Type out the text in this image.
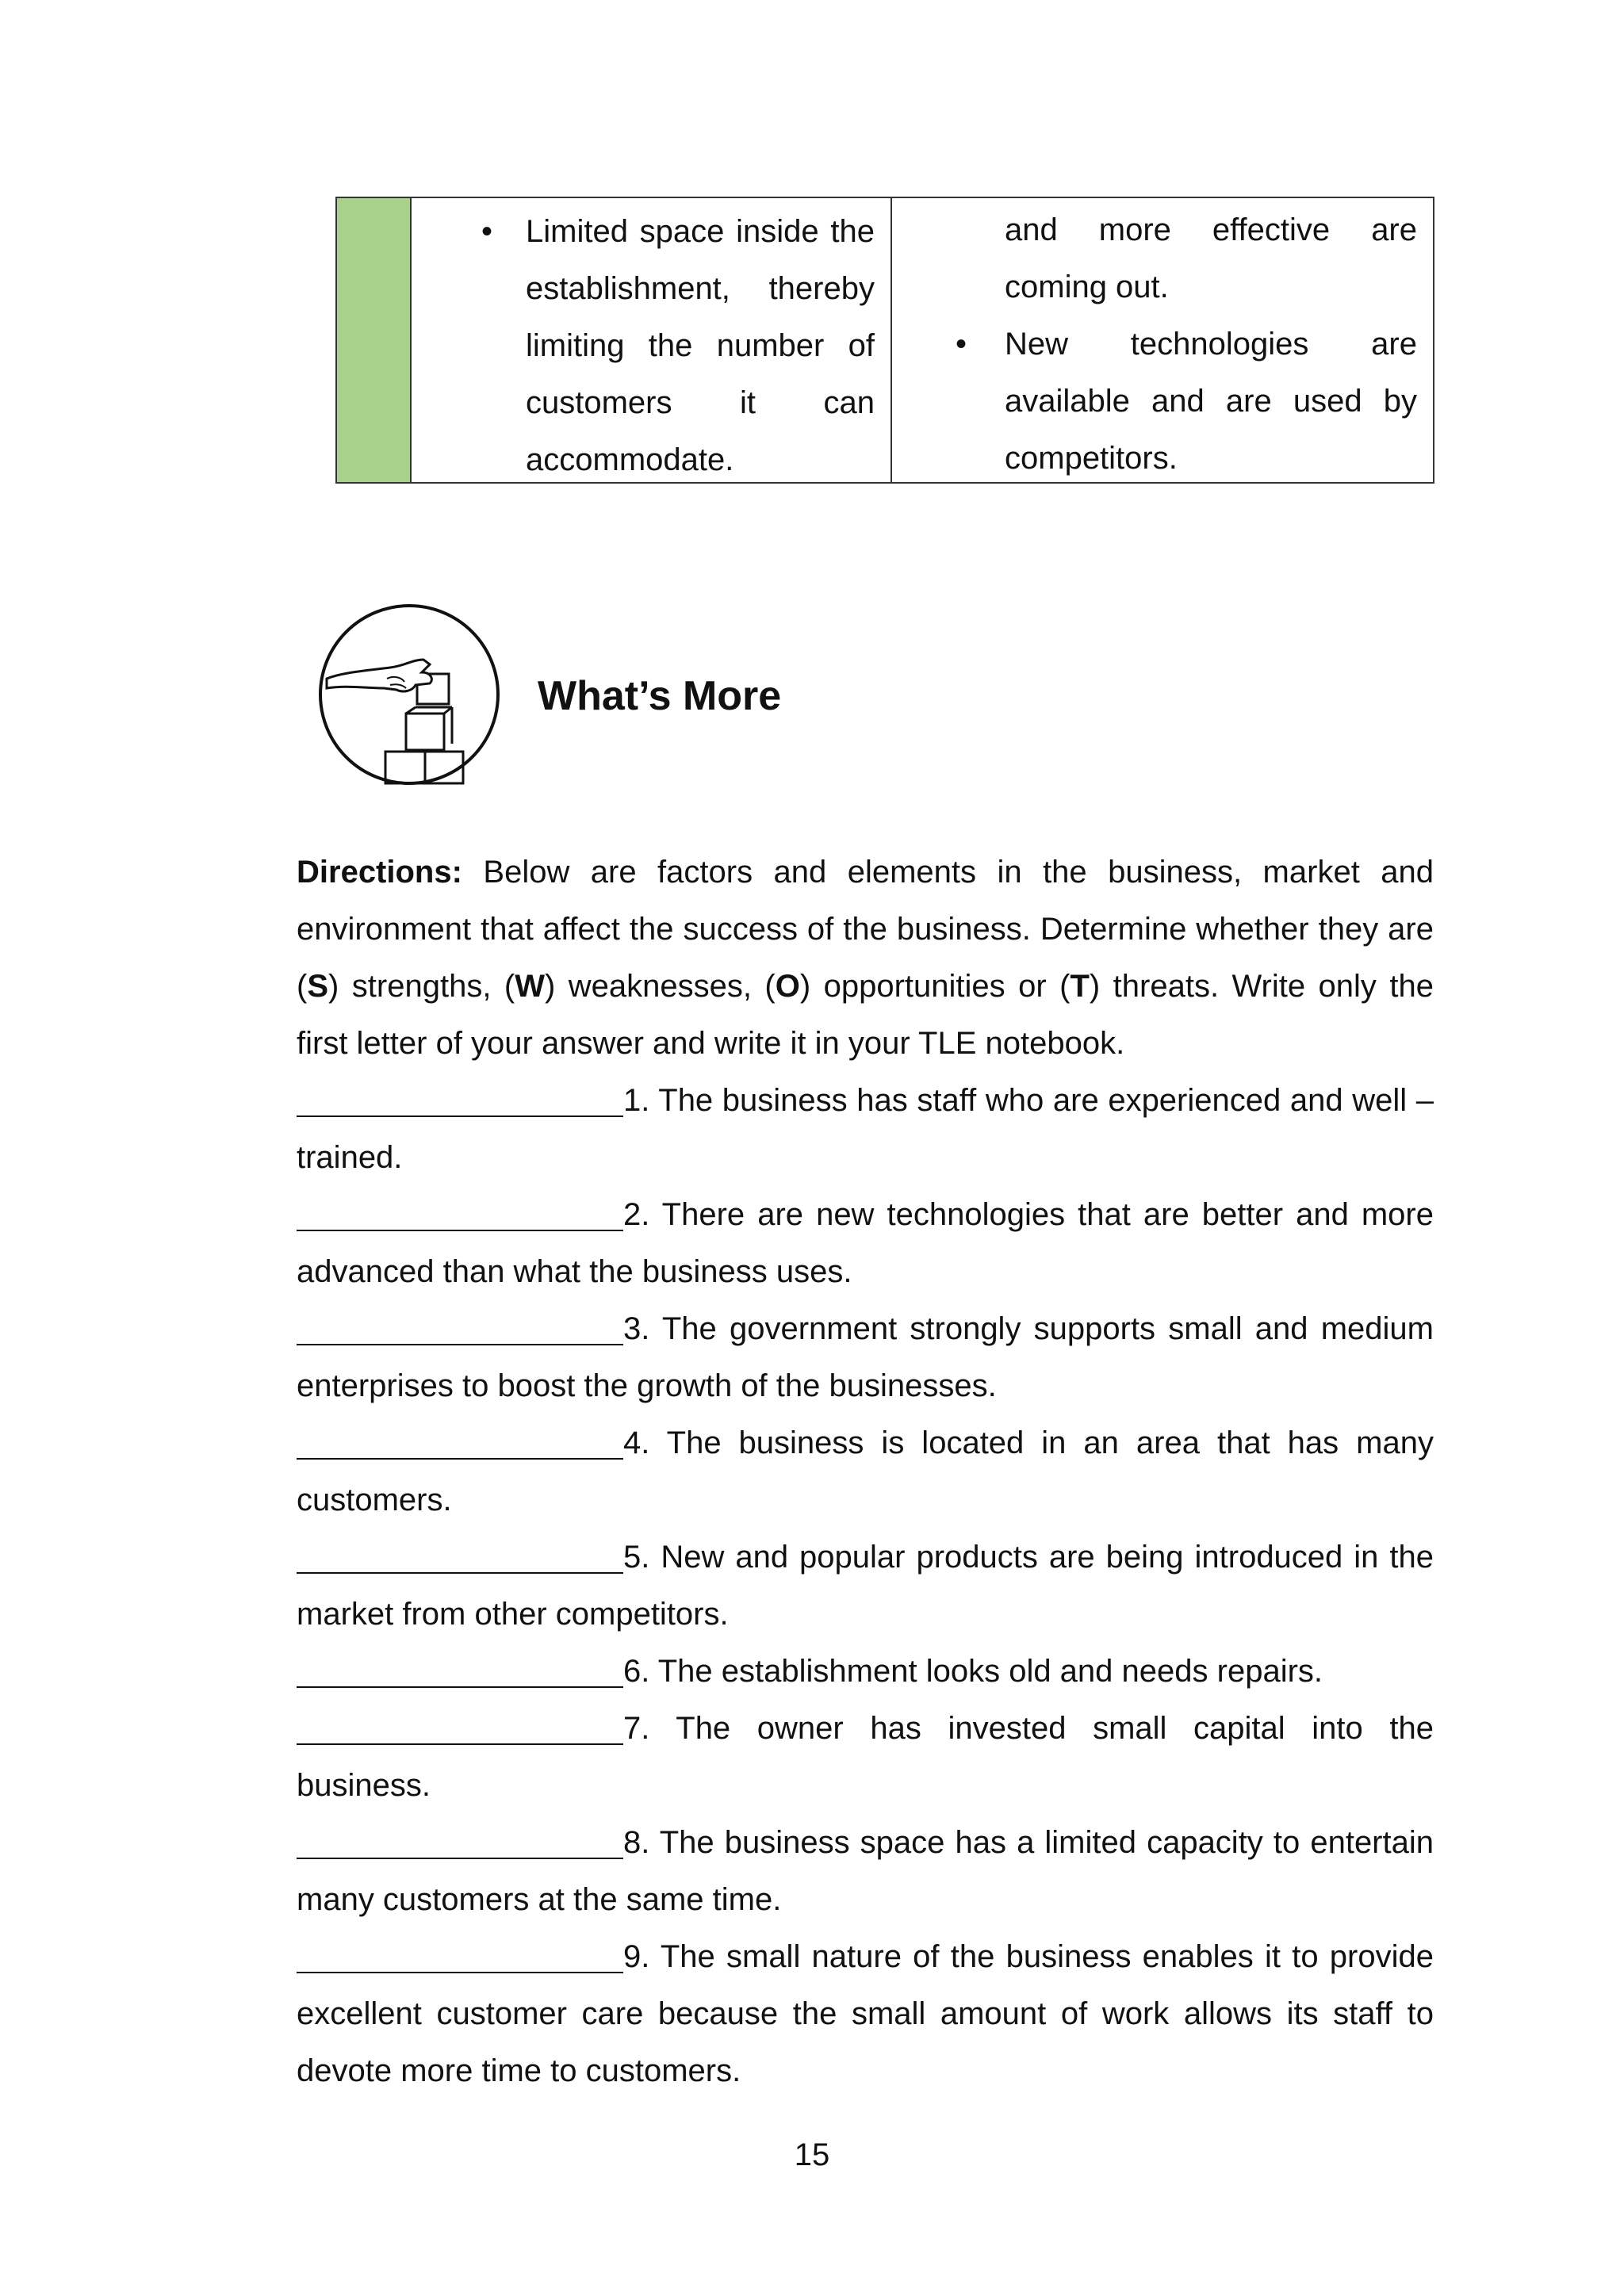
• Limited space inside the establishment, thereby limiting the number of customers it can accommodate.
and more effective are coming out.
• New technologies are available and are used by competitors.
What’s More

Directions: Below are factors and elements in the business, market and environment that affect the success of the business. Determine whether they are (S) strengths, (W) weaknesses, (O) opportunities or (T) threats. Write only the first letter of your answer and write it in your TLE notebook.

1. The business has staff who are experienced and well – trained.

2. There are new technologies that are better and more advanced than what the business uses.

3. The government strongly supports small and medium enterprises to boost the growth of the businesses.

4. The business is located in an area that has many customers.

5. New and popular products are being introduced in the market from other competitors.

6. The establishment looks old and needs repairs.

7. The owner has invested small capital into the business.

8. The business space has a limited capacity to entertain many customers at the same time.

9. The small nature of the business enables it to provide excellent customer care because the small amount of work allows its staff to devote more time to customers.

15
